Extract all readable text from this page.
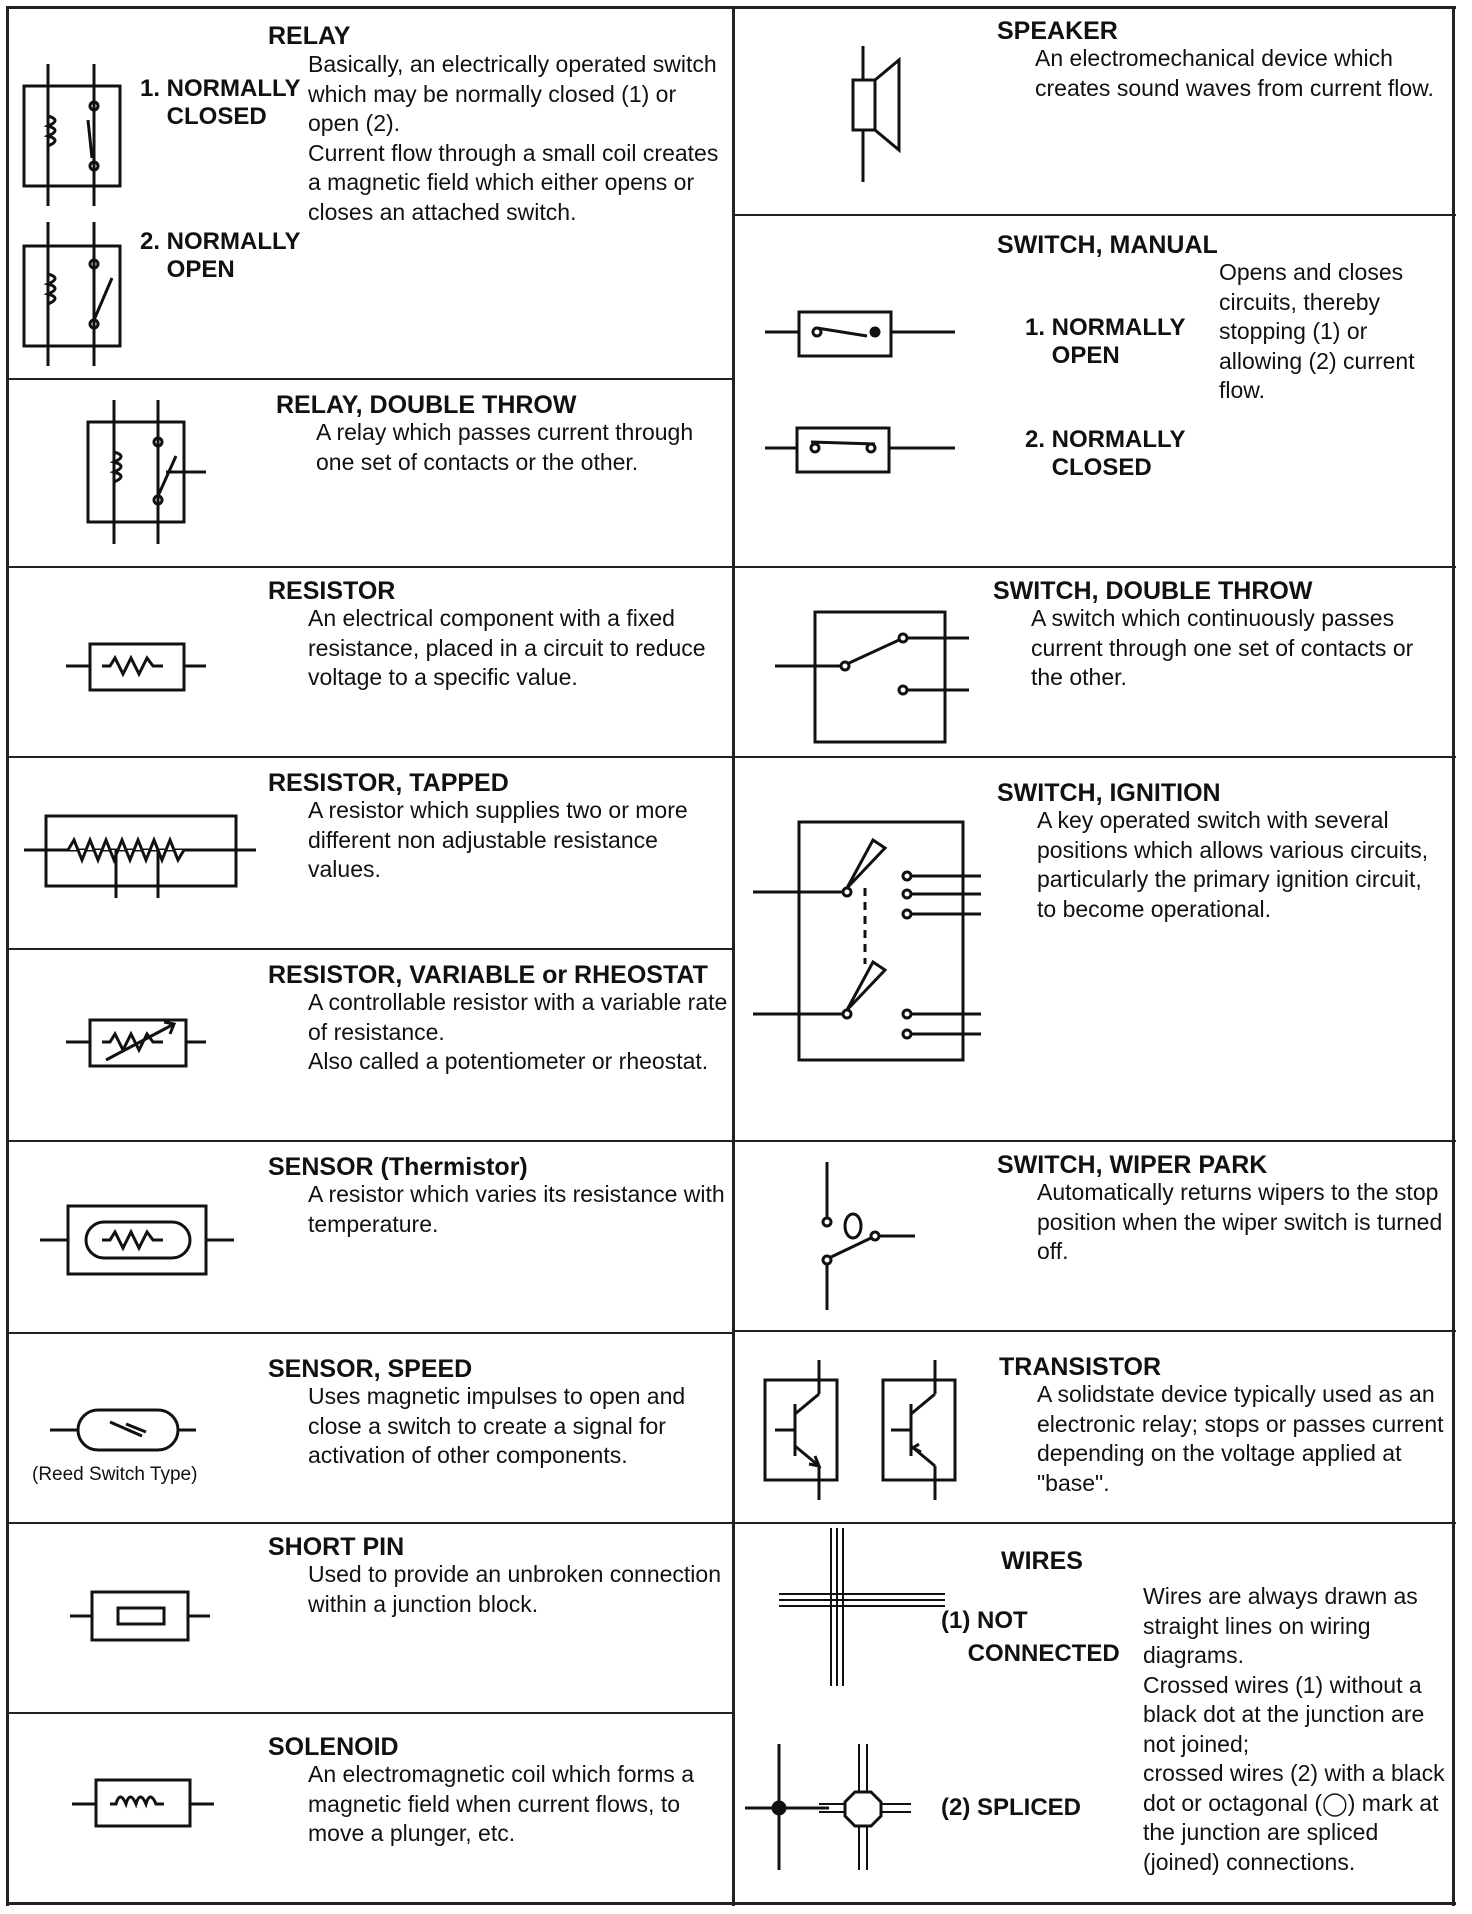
RELAY
Basically, an electrically operated switch which may be normally closed (1) or open (2).
Current flow through a small coil creates a magnetic field which either opens or closes an attached switch.
1. NORMALLY
CLOSED
2. NORMALLY
OPEN
RELAY, DOUBLE THROW
A relay which passes current through one set of contacts or the other.
RESISTOR
An electrical component with a fixed resistance, placed in a circuit to reduce voltage to a specific value.
RESISTOR, TAPPED
A resistor which supplies two or more different non adjustable resistance values.
RESISTOR, VARIABLE or RHEOSTAT
A controllable resistor with a variable rate of resistance.
Also called a potentiometer or rheostat.
SENSOR (Thermistor)
A resistor which varies its resistance with temperature.
(Reed Switch Type)
SENSOR, SPEED
Uses magnetic impulses to open and close a switch to create a signal for activation of other components.
SHORT PIN
Used to provide an unbroken connection within a junction block.
SOLENOID
An electromagnetic coil which forms a magnetic field when current flows, to move a plunger, etc.
SPEAKER
An electromechanical device which creates sound waves from current flow.
SWITCH, MANUAL
Opens and closes circuits, thereby stopping (1) or allowing (2) current flow.
1. NORMALLY
OPEN
2. NORMALLY
CLOSED
SWITCH, DOUBLE THROW
A switch which continuously passes current through one set of contacts or the other.
SWITCH, IGNITION
A key operated switch with several positions which allows various circuits, particularly the primary ignition circuit, to become operational.
SWITCH, WIPER PARK
Automatically returns wipers to the stop position when the wiper switch is turned off.
TRANSISTOR
A solidstate device typically used as an electronic relay; stops or passes current depending on the voltage applied at "base".
WIRES
(1) NOT
CONNECTED
(2) SPLICED
Wires are always drawn as straight lines on wiring diagrams.
Crossed wires (1) without a black dot at the junction are not joined;
crossed wires (2) with a black dot or octagonal (◯) mark at the junction are spliced (joined) connections.
